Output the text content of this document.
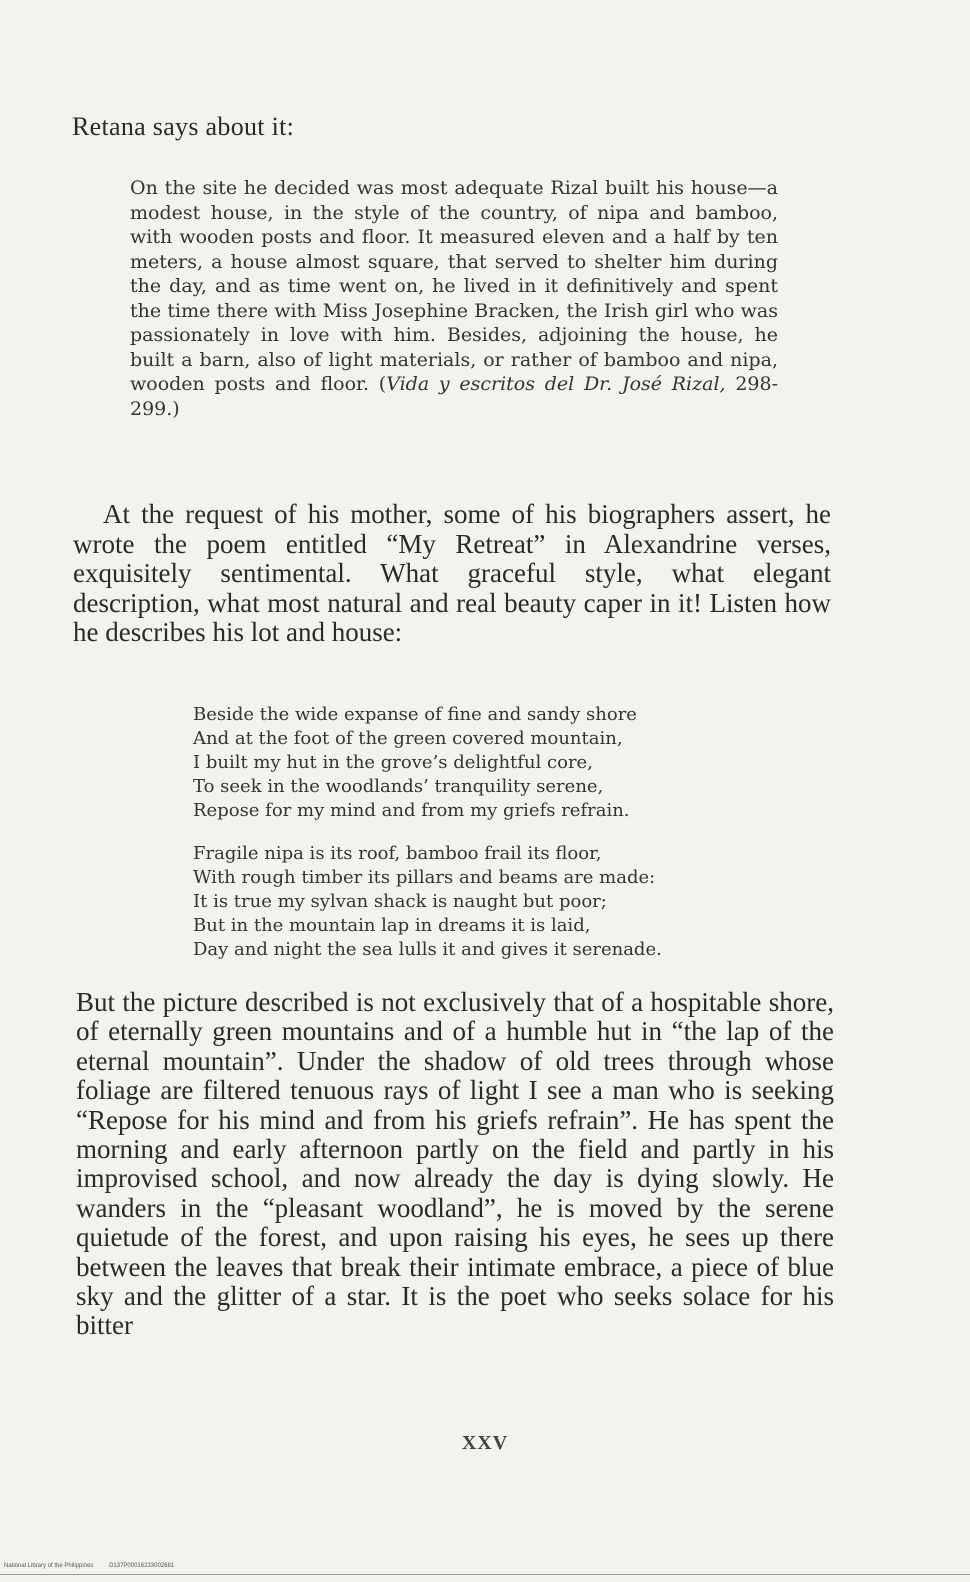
Retana says about it:

On the site he decided was most adequate Rizal built his house—a modest house, in the style of the country, of nipa and bamboo, with wooden posts and floor. It measured eleven and a half by ten meters, a house almost square, that served to shelter him during the day, and as time went on, he lived in it definitively and spent the time there with Miss Josephine Bracken, the Irish girl who was passionately in love with him. Besides, adjoining the house, he built a barn, also of light materials, or rather of bamboo and nipa, wooden posts and floor. (Vida y escritos del Dr. José Rizal, 298-299.)

At the request of his mother, some of his biographers assert, he wrote the poem entitled “My Retreat” in Alexandrine verses, exquisitely sentimental. What graceful style, what elegant description, what most natural and real beauty caper in it! Listen how he describes his lot and house:

Beside the wide expanse of fine and sandy shore
And at the foot of the green covered mountain,
I built my hut in the grove’s delightful core,
To seek in the woodlands’ tranquility serene,
Repose for my mind and from my griefs refrain.
Fragile nipa is its roof, bamboo frail its floor,
With rough timber its pillars and beams are made:
It is true my sylvan shack is naught but poor;
But in the mountain lap in dreams it is laid,
Day and night the sea lulls it and gives it serenade.

But the picture described is not exclusively that of a hospitable shore, of eternally green mountains and of a humble hut in “the lap of the eternal mountain”. Under the shadow of old trees through whose foliage are filtered tenuous rays of light I see a man who is seeking “Repose for his mind and from his griefs refrain”. He has spent the morning and early afternoon partly on the field and partly in his improvised school, and now already the day is dying slowly. He wanders in the “pleasant woodland”, he is moved by the serene quietude of the forest, and upon raising his eyes, he sees up there between the leaves that break their intimate embrace, a piece of blue sky and the glitter of a star. It is the poet who seeks solace for his bitter

XXV
National Library of the Philippines	D137P00016233002681
